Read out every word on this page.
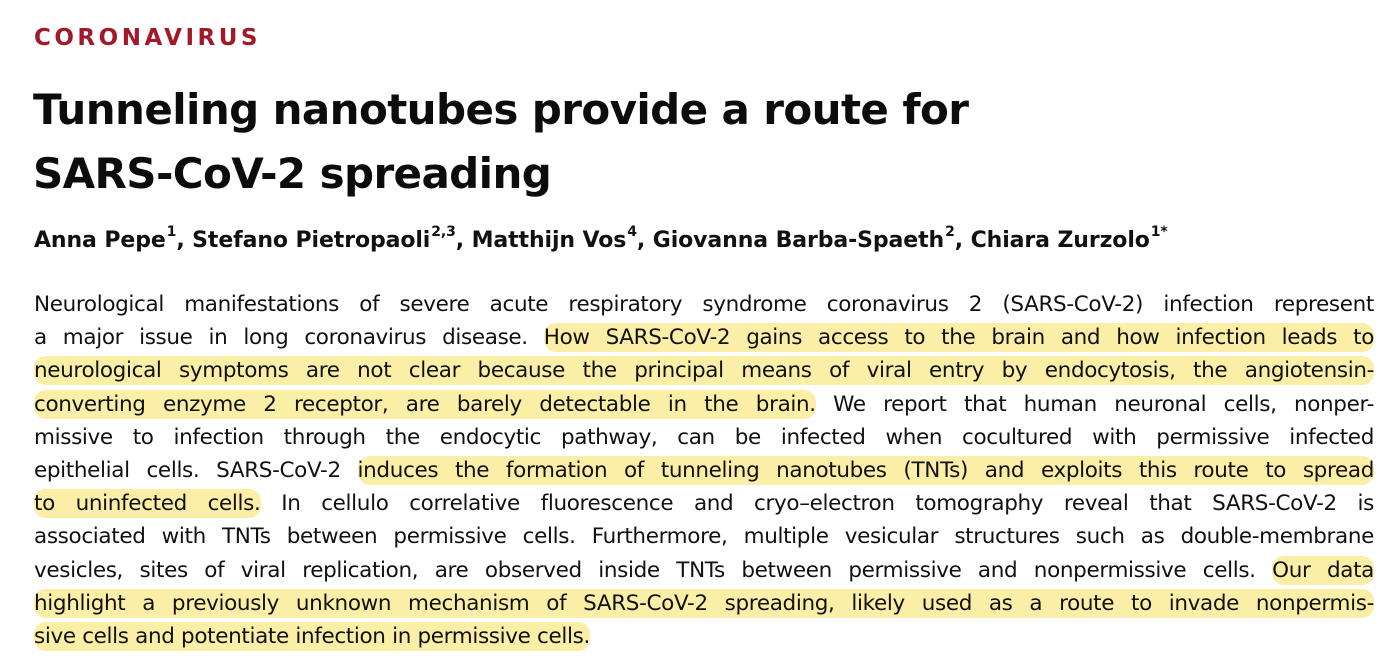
CORONAVIRUS
Tunneling nanotubes provide a route for
SARS-CoV-2 spreading
Anna Pepe$^1$, Stefano Pietropaoli$^{2,3}$, Matthijn Vos$^4$, Giovanna Barba-Spaeth$^2$, Chiara Zurzolo$^{1*}$
Neurological manifestations of severe acute respiratory syndrome coronavirus 2 (SARS-CoV-2) infection represent
a major issue in long coronavirus disease. How SARS-CoV-2 gains access to the brain and how infection leads to
neurological symptoms are not clear because the principal means of viral entry by endocytosis, the angiotensin-
converting enzyme 2 receptor, are barely detectable in the brain. We report that human neuronal cells, nonper-
missive to infection through the endocytic pathway, can be infected when cocultured with permissive infected
epithelial cells. SARS-CoV-2 induces the formation of tunneling nanotubes (TNTs) and exploits this route to spread
to uninfected cells. In cellulo correlative fluorescence and cryo–electron tomography reveal that SARS-CoV-2 is
associated with TNTs between permissive cells. Furthermore, multiple vesicular structures such as double-membrane
vesicles, sites of viral replication, are observed inside TNTs between permissive and nonpermissive cells. Our data
highlight a previously unknown mechanism of SARS-CoV-2 spreading, likely used as a route to invade nonpermis-
sive cells and potentiate infection in permissive cells.
